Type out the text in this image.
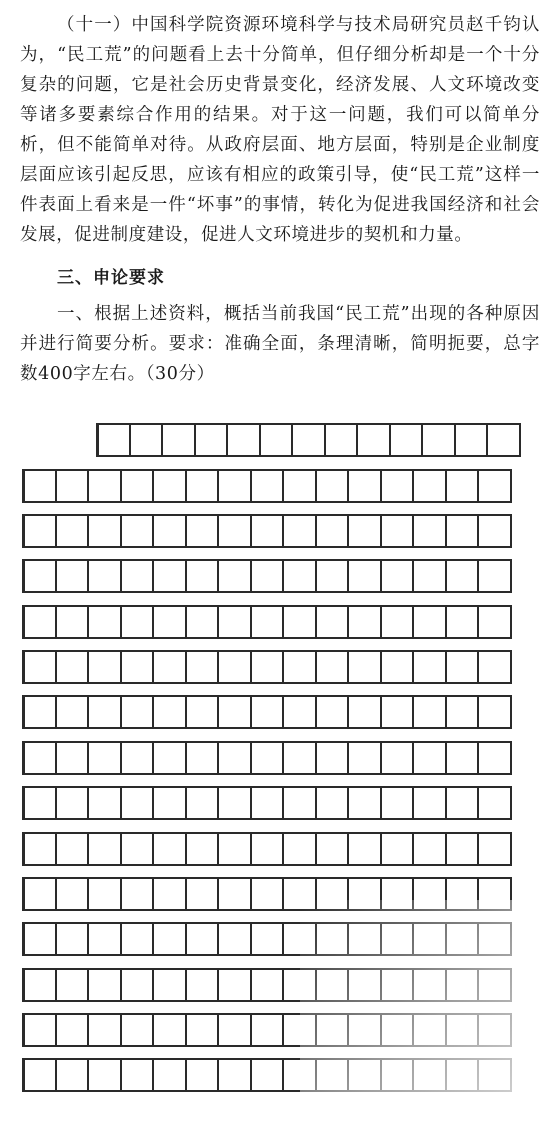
（十一）中国科学院资源环境科学与技术局研究员赵千钧认为，“民工荒”的问题看上去十分简单，但仔细分析却是一个十分复杂的问题，它是社会历史背景变化，经济发展、人文环境改变等诸多要素综合作用的结果。对于这一问题，我们可以简单分析，但不能简单对待。从政府层面、地方层面，特别是企业制度层面应该引起反思，应该有相应的政策引导，使“民工荒”这样一件表面上看来是一件“坏事”的事情，转化为促进我国经济和社会发展，促进制度建设，促进人文环境进步的契机和力量。

三、申论要求

一、根据上述资料，概括当前我国“民工荒”出现的各种原因并进行简要分析。要求：准确全面，条理清晰，简明扼要，总字数400字左右。（30分）
